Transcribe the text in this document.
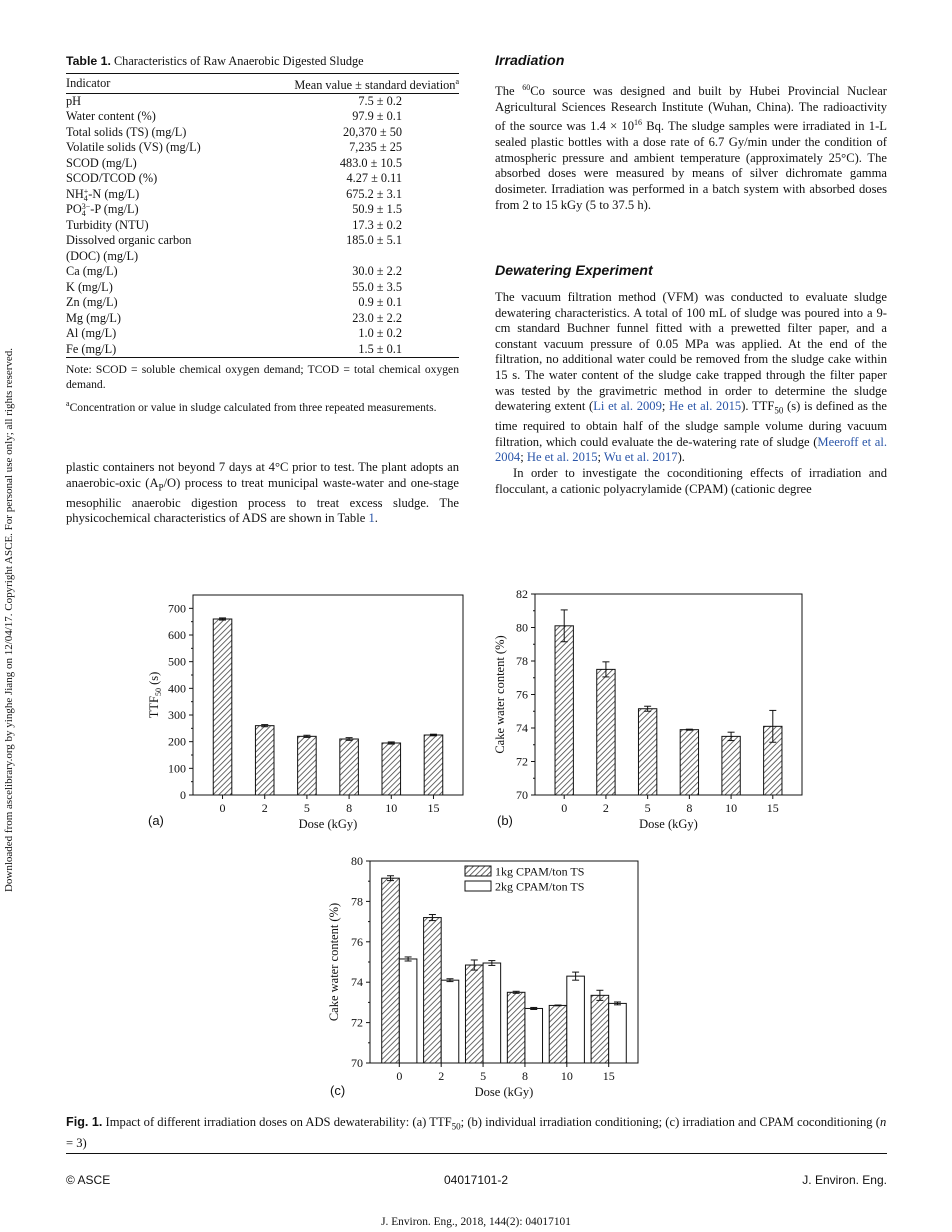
Downloaded from ascelibrary.org by yinghe Jiang on 12/04/17. Copyright ASCE. For personal use only; all rights reserved.
Table 1. Characteristics of Raw Anaerobic Digested Sludge
Indicator	Mean value ± standard deviation$^a$
pH	7.5 ± 0.2
Water content (%)	97.9 ± 0.1
Total solids (TS) (mg/L)	20,370 ± 50
Volatile solids (VS) (mg/L)	7,235 ± 25
SCOD (mg/L)	483.0 ± 10.5
SCOD/TCOD (%)	4.27 ± 0.11
NH +
4 -N (mg/L)	675.2 ± 3.1
PO 3−
4 -P (mg/L)	50.9 ± 1.5
Turbidity (NTU)	17.3 ± 0.2
Dissolved organic carbon	185.0 ± 5.1
(DOC) (mg/L)	
Ca (mg/L)	30.0 ± 2.2
K (mg/L)	55.0 ± 3.5
Zn (mg/L)	0.9 ± 0.1
Mg (mg/L)	23.0 ± 2.2
Al (mg/L)	1.0 ± 0.2
Fe (mg/L)	1.5 ± 0.1
Note: SCOD = soluble chemical oxygen demand; TCOD = total chemical oxygen demand.
$^a$Concentration or value in sludge calculated from three repeated measurements.
plastic containers not beyond 7 days at 4°C prior to test. The plant adopts an anaerobic-oxic $(A_P/O)$ process to treat municipal waste-water and one-stage mesophilic anaerobic digestion process to treat excess sludge. The physicochemical characteristics of ADS are shown in Table 1.
Irradiation
The $^{60}$Co source was designed and built by Hubei Provincial Nuclear Agricultural Sciences Research Institute (Wuhan, China). The radioactivity of the source was $1.4 \times 10^{16}$ Bq. The sludge samples were irradiated in 1-L sealed plastic bottles with a dose rate of 6.7 Gy/min under the condition of atmospheric pressure and ambient temperature (approximately 25°C). The absorbed doses were measured by means of silver dichromate gamma dosimeter. Irradiation was performed in a batch system with absorbed doses from 2 to 15 kGy (5 to 37.5 h).
Dewatering Experiment

The vacuum filtration method (VFM) was conducted to evaluate sludge dewatering characteristics. A total of 100 mL of sludge was poured into a 9-cm standard Buchner funnel fitted with a prewetted filter paper, and a constant vacuum pressure of 0.05 MPa was applied. At the end of the filtration, no additional water could be removed from the sludge cake within 15 s. The water content of the sludge cake trapped through the filter paper was tested by the gravimetric method in order to determine the sludge dewatering extent (Li et al. 2009; He et al. 2015). $TTF_{50}$ (s) is defined as the time required to obtain half of the sludge sample volume during vacuum filtration, which could evaluate the de-watering rate of sludge (Meeroff et al. 2004; He et al. 2015; Wu et al. 2017).

In order to investigate the coconditioning effects of irradiation and flocculant, a cationic polyacrylamide (CPAM) (cationic degree

0
100
200
300
400
500
600
700
0	2	5	8	10	15
Dose (kGy)
$TTF_{50}$ (s)
(a)
70
72
74
76
78
80
82
0	2	5	8	10 15
Dose (kGy)
Cake water content (%)
(b)
70
72
74
76
78
80
0	2	5	8	10 15
Dose (kGy)
Cake water content (%)
1kg CPAM/ton TS
2kg CPAM/ton TS
(c)
Fig. 1. Impact of different irradiation doses on ADS dewaterability: (a) $TTF_{50}$; (b) individual irradiation conditioning; (c) irradiation and CPAM coconditioning (n = 3)
© ASCE	04017101-2	J. Environ. Eng.
J. Environ. Eng., 2018, 144(2): 04017101
